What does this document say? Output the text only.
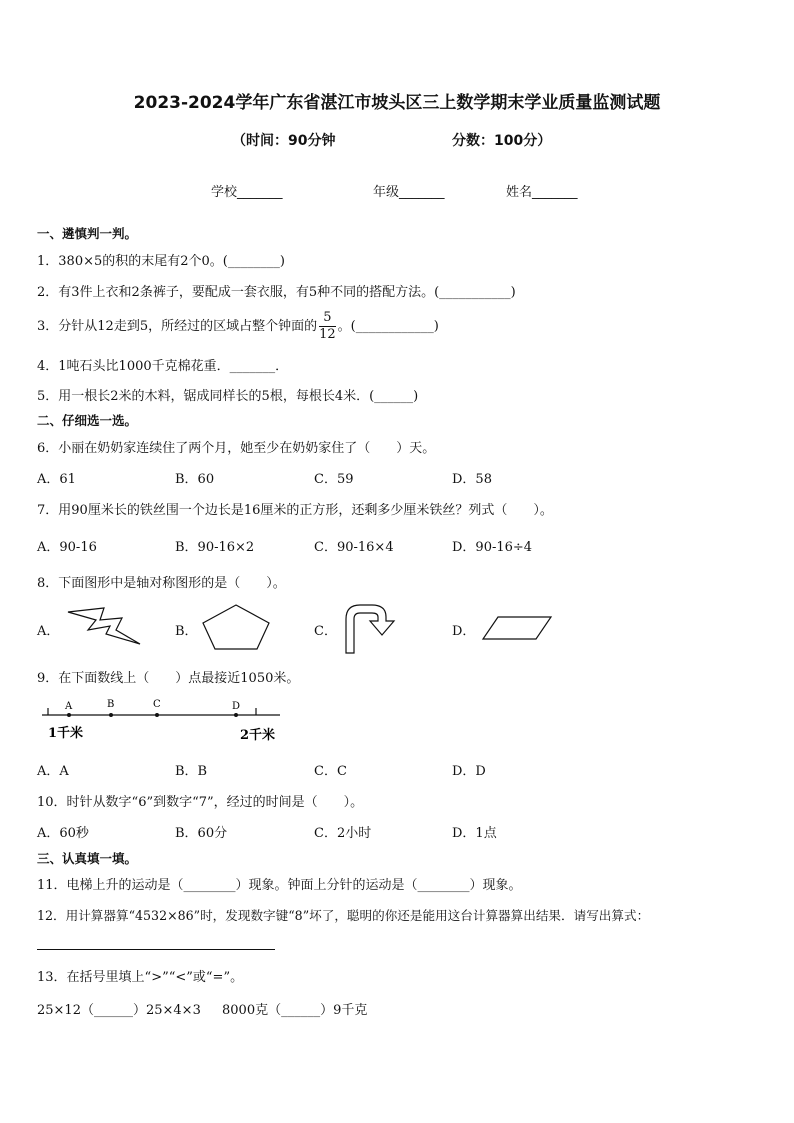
2023-2024学年广东省湛江市坡头区三上数学期末学业质量监测试题
（时间：90分钟	分数：100分）
学校_______	年级_______	姓名_______
一、遴慎判一判。
1．380×5的积的末尾有2个0。(________)
2．有3件上衣和2条裤子，要配成一套衣服，有5种不同的搭配方法。(___________)
3．分针从12走到5，所经过的区域占整个钟面的 $\frac{5}{12}$ 。(____________)
4．1吨石头比1000千克棉花重．_______．
5．用一根长2米的木料，锯成同样长的5根，每根长4米．(______)
二、仔细选一选。
6．小丽在奶奶家连续住了两个月，她至少在奶奶家住了（　　）天。
A．61	B．60	C．59	D．58
7．用90厘米长的铁丝围一个边长是16厘米的正方形，还剩多少厘米铁丝？列式（　　）。
A．90-16	B．90-16×2	C．90-16×4	D．90-16÷4
8．下面图形中是轴对称图形的是（　　）。
A．	B．	C．	D．
9．在下面数线上（　　）点最接近1050米。
A	B	C	D
1千米	2千米
A．A	B．B	C．C	D．D
10．时针从数字“6”到数字“7”，经过的时间是（　　）。
A．60秒	B．60分	C．2小时	D．1点
三、认真填一填。
11．电梯上升的运动是（________）现象。钟面上分针的运动是（________）现象。
12．用计算器算“4532×86”时，发现数字键“8”坏了，聪明的你还是能用这台计算器算出结果．请写出算式：
13．在括号里填上“>”“<”或“=”。
25×12（______）25×4×3 8000克（______）9千克
